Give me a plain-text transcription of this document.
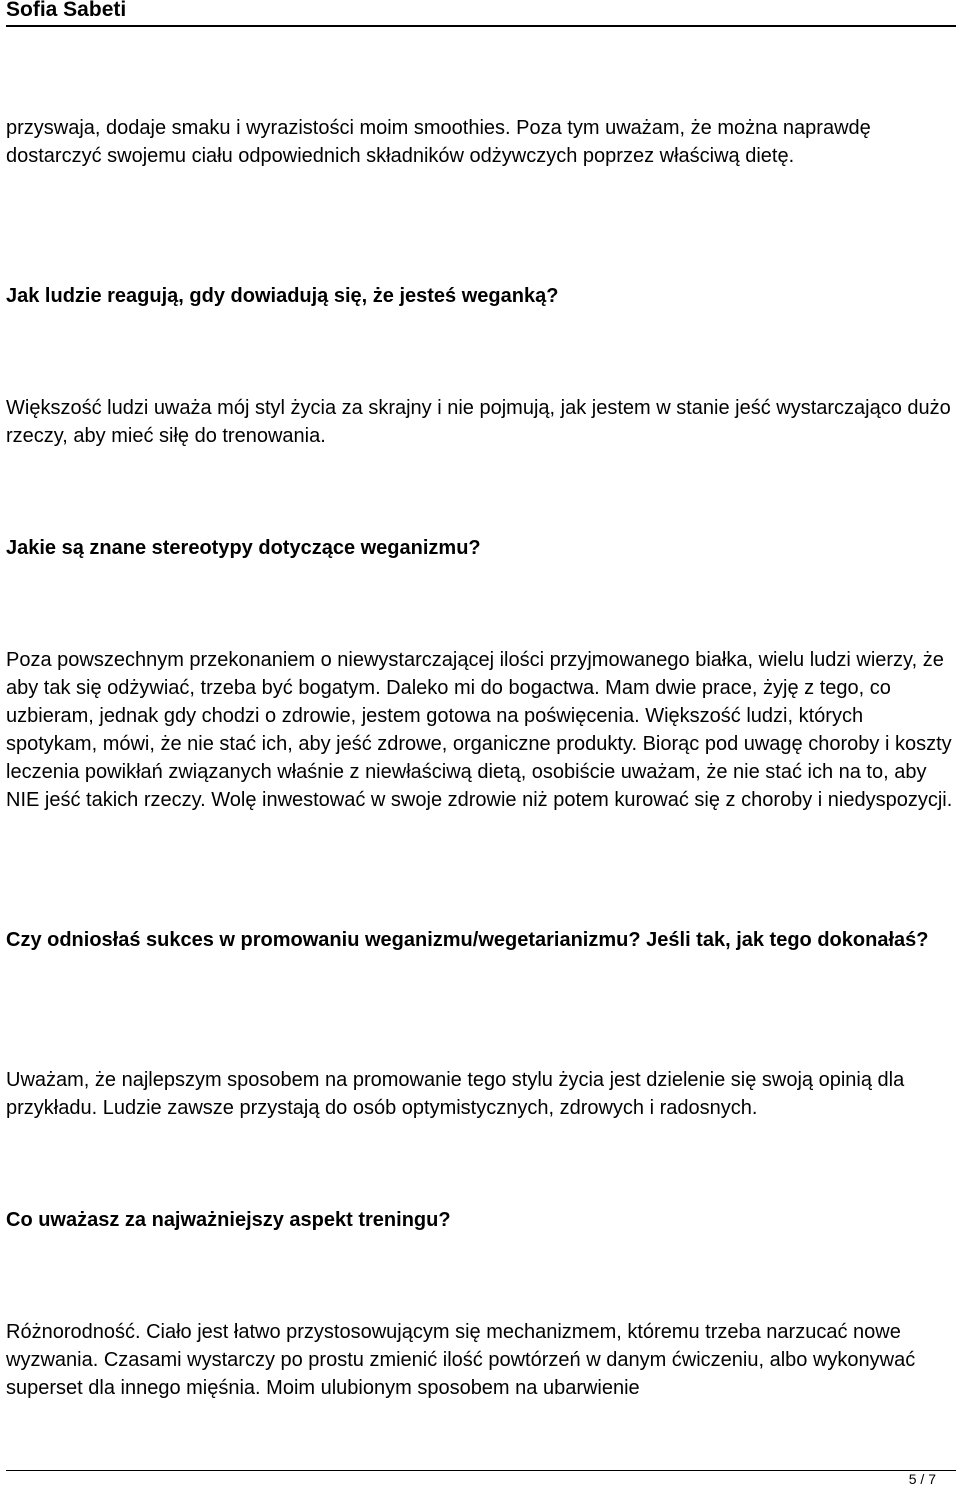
Sofia Sabeti

przyswaja, dodaje smaku i wyrazistości moim smoothies. Poza tym uważam, że można naprawdę dostarczyć swojemu ciału odpowiednich składników odżywczych poprzez właściwą dietę.

Jak ludzie reagują, gdy dowiadują się, że jesteś weganką?

Większość ludzi uważa mój styl życia za skrajny i nie pojmują, jak jestem w stanie jeść wystarczająco dużo rzeczy, aby mieć siłę do trenowania.

Jakie są znane stereotypy dotyczące weganizmu?

Poza powszechnym przekonaniem o niewystarczającej ilości przyjmowanego białka, wielu ludzi wierzy, że aby tak się odżywiać, trzeba być bogatym. Daleko mi do bogactwa. Mam dwie prace, żyję z tego, co uzbieram, jednak gdy chodzi o zdrowie, jestem gotowa na poświęcenia. Większość ludzi, których spotykam, mówi, że nie stać ich, aby jeść zdrowe, organiczne produkty. Biorąc pod uwagę choroby i koszty leczenia powikłań związanych właśnie z niewłaściwą dietą, osobiście uważam, że nie stać ich na to, aby NIE jeść takich rzeczy. Wolę inwestować w swoje zdrowie niż potem kurować się z choroby i niedyspozycji.

Czy odniosłaś sukces w promowaniu weganizmu/wegetarianizmu? Jeśli tak, jak tego dokonałaś?

Uważam, że najlepszym sposobem na promowanie tego stylu życia jest dzielenie się swoją opinią dla przykładu. Ludzie zawsze przystają do osób optymistycznych, zdrowych i radosnych.

Co uważasz za najważniejszy aspekt treningu?

Różnorodność. Ciało jest łatwo przystosowującym się mechanizmem, któremu trzeba narzucać nowe wyzwania. Czasami wystarczy po prostu zmienić ilość powtórzeń w danym ćwiczeniu, albo wykonywać superset dla innego mięśnia. Moim ulubionym sposobem na ubarwienie

5 / 7
